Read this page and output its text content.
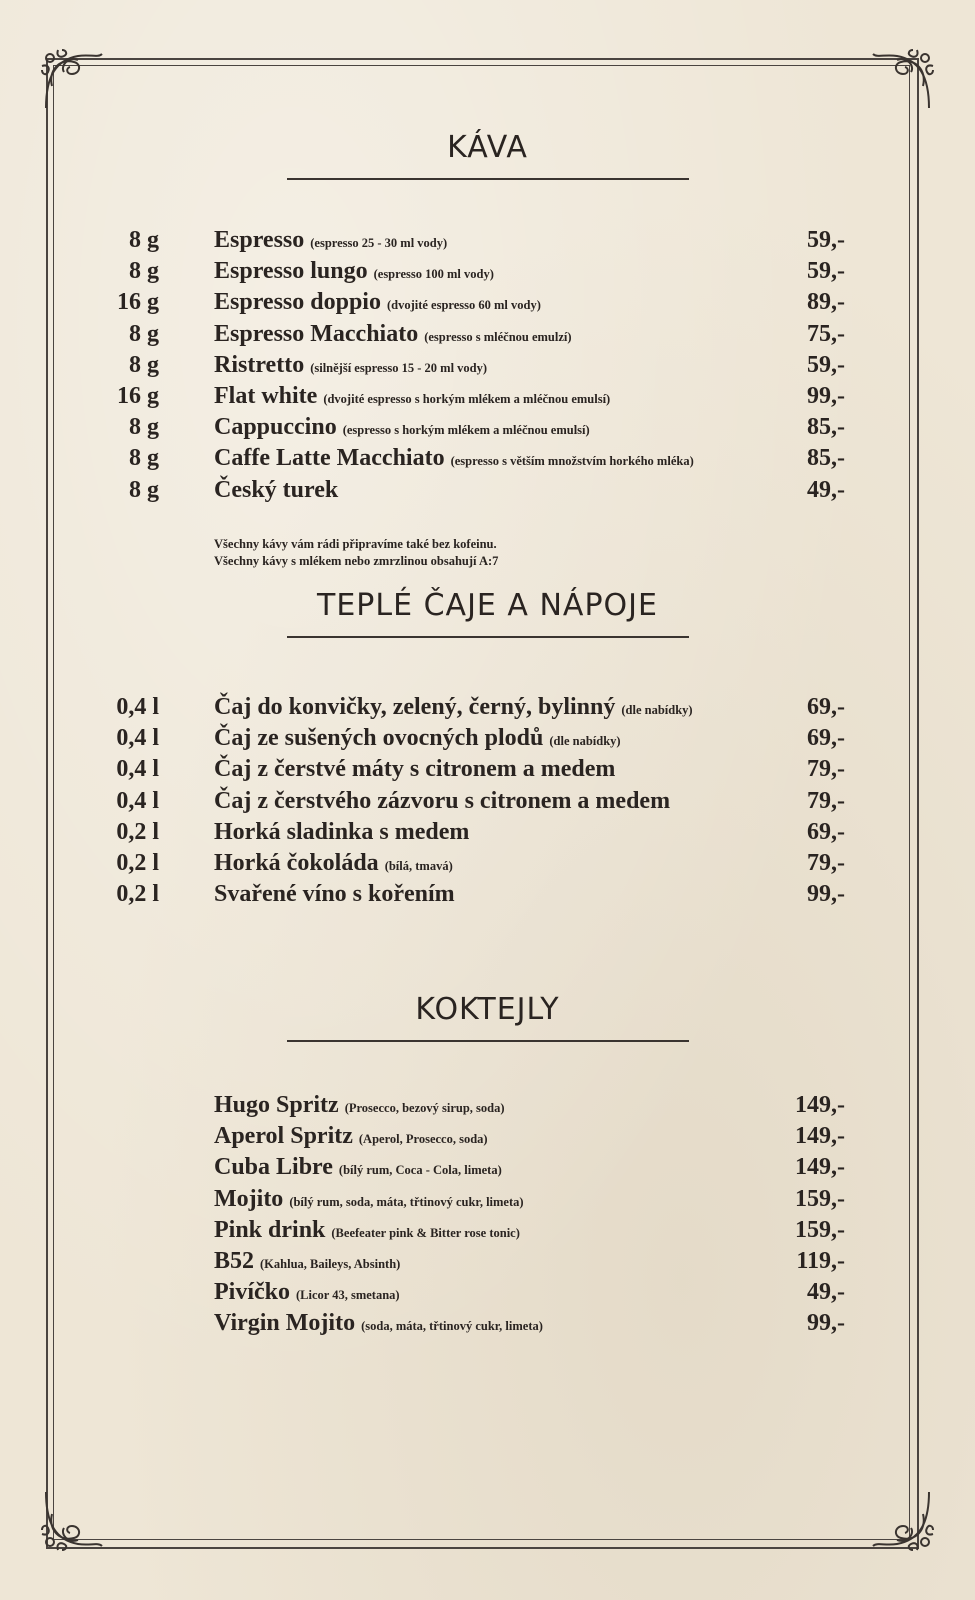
KÁVA
8 g Espresso (espresso 25 - 30 ml vody)	59,-
8 g Espresso lungo (espresso 100 ml vody)	59,-
16 g Espresso doppio (dvojité espresso 60 ml vody)	89,-
8 g Espresso Macchiato (espresso s mléčnou emulzí)	75,-
8 g Ristretto (silnější espresso 15 - 20 ml vody)	59,-
16 g Flat white (dvojité espresso s horkým mlékem a mléčnou emulsí)	99,-
8 g Cappuccino (espresso s horkým mlékem a mléčnou emulsí)	85,-
8 g Caffe Latte Macchiato (espresso s větším množstvím horkého mléka)	85,-
8 g Český turek	49,-
Všechny kávy vám rádi připravíme také bez kofeinu.
Všechny kávy s mlékem nebo zmrzlinou obsahují A:7
TEPLÉ ČAJE A NÁPOJE
0,4 l Čaj do konvičky, zelený, černý, bylinný (dle nabídky)	69,-
0,4 l Čaj ze sušených ovocných plodů (dle nabídky)	69,-
0,4 l Čaj z čerstvé máty s citronem a medem	79,-
0,4 l Čaj z čerstvého zázvoru s citronem a medem	79,-
0,2 l Horká sladinka s medem	69,-
0,2 l Horká čokoláda (bílá, tmavá)	79,-
0,2 l Svařené víno s kořením	99,-
KOKTEJLY
Hugo Spritz (Prosecco, bezový sirup, soda)	149,-
Aperol Spritz (Aperol, Prosecco, soda)	149,-
Cuba Libre (bílý rum, Coca - Cola, limeta)	149,-
Mojito (bílý rum, soda, máta, třtinový cukr, limeta)	159,-
Pink drink (Beefeater pink & Bitter rose tonic)	159,-
B52 (Kahlua, Baileys, Absinth)	119,-
Pivíčko (Licor 43, smetana)	49,-
Virgin Mojito (soda, máta, třtinový cukr, limeta)	99,-
